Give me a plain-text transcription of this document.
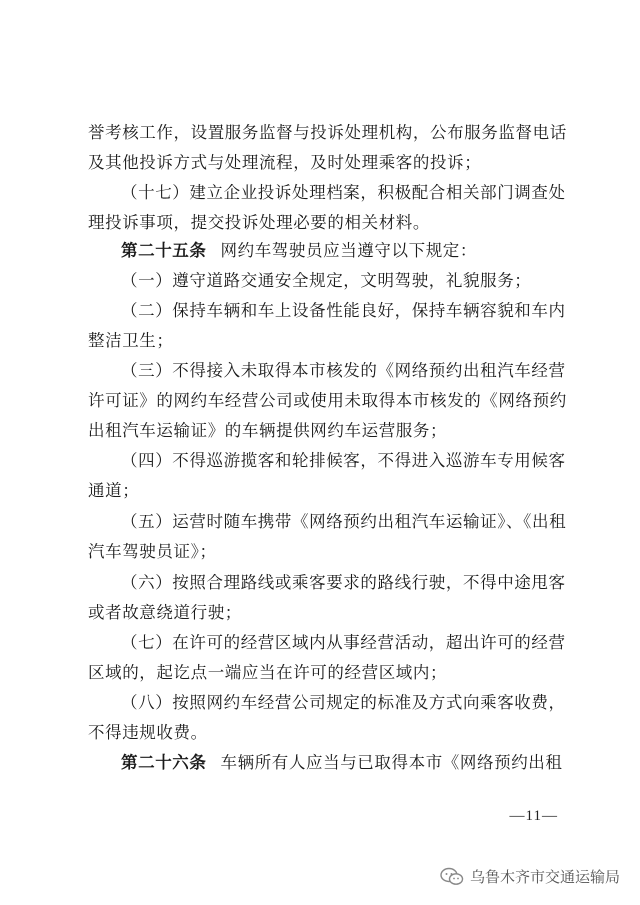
誉考核工作，设置服务监督与投诉处理机构，公布服务监督电话
及其他投诉方式与处理流程，及时处理乘客的投诉；
（十七）建立企业投诉处理档案，积极配合相关部门调查处
理投诉事项，提交投诉处理必要的相关材料。
第二十五条 网约车驾驶员应当遵守以下规定：
（一）遵守道路交通安全规定，文明驾驶，礼貌服务；
（二）保持车辆和车上设备性能良好，保持车辆容貌和车内
整洁卫生；
（三）不得接入未取得本市核发的《网络预约出租汽车经营
许可证》的网约车经营公司或使用未取得本市核发的《网络预约
出租汽车运输证》的车辆提供网约车运营服务；
（四）不得巡游揽客和轮排候客，不得进入巡游车专用候客
通道；
（五）运营时随车携带《网络预约出租汽车运输证》、《出租
汽车驾驶员证》；
（六）按照合理路线或乘客要求的路线行驶，不得中途甩客
或者故意绕道行驶；
（七）在许可的经营区域内从事经营活动，超出许可的经营
区域的，起讫点一端应当在许可的经营区域内；
（八）按照网约车经营公司规定的标准及方式向乘客收费，
不得违规收费。
第二十六条 车辆所有人应当与已取得本市《网络预约出租
—11—
乌鲁木齐市交通运输局
